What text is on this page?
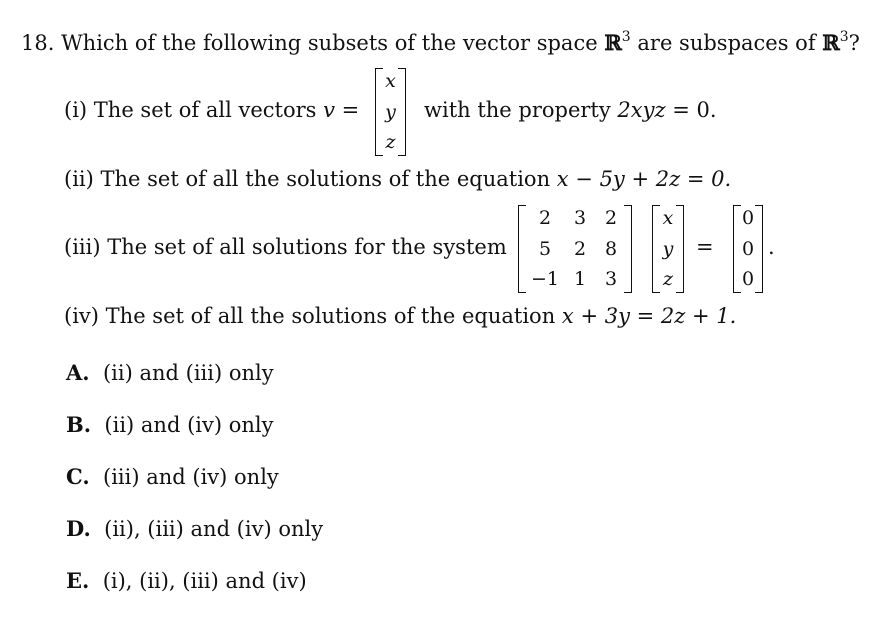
18. Which of the following subsets of the vector space ℝ$^3$ are subspaces of ℝ$^3$?
(i) The set of all vectors v =
x
y
z
with the property 2xyz = 0.
(ii) The set of all the solutions of the equation x − 5y + 2z = 0.
(iii) The set of all solutions for the system
2	3 2
5	2 8
−1 1 3
x
y
z
=
0
0
0
.
(iv) The set of all the solutions of the equation x + 3y = 2z + 1.
A. (ii) and (iii) only
B. (ii) and (iv) only
C. (iii) and (iv) only
D. (ii), (iii) and (iv) only
E. (i), (ii), (iii) and (iv)
